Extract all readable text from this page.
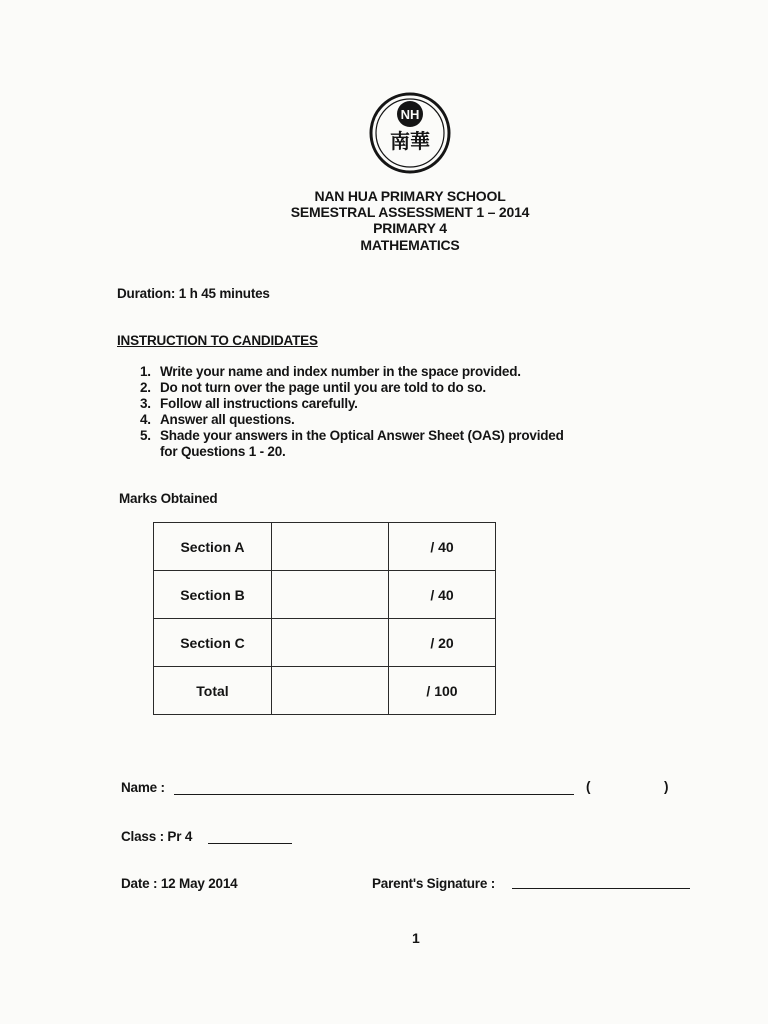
NH
南華
NAN HUA PRIMARY SCHOOL
SEMESTRAL ASSESSMENT 1 – 2014
PRIMARY 4
MATHEMATICS
Duration: 1 h 45 minutes
INSTRUCTION TO CANDIDATES
1. Write your name and index number in the space provided.
2. Do not turn over the page until you are told to do so.
3. Follow all instructions carefully.
4. Answer all questions.
5. Shade your answers in the Optical Answer Sheet (OAS) provided
for Questions 1 - 20.
Marks Obtained
Section A		/ 40
Section B		/ 40
Section C		/ 20
Total		/ 100
Name :	(	)
Class : Pr 4
Date : 12 May 2014	Parent's Signature :
1
